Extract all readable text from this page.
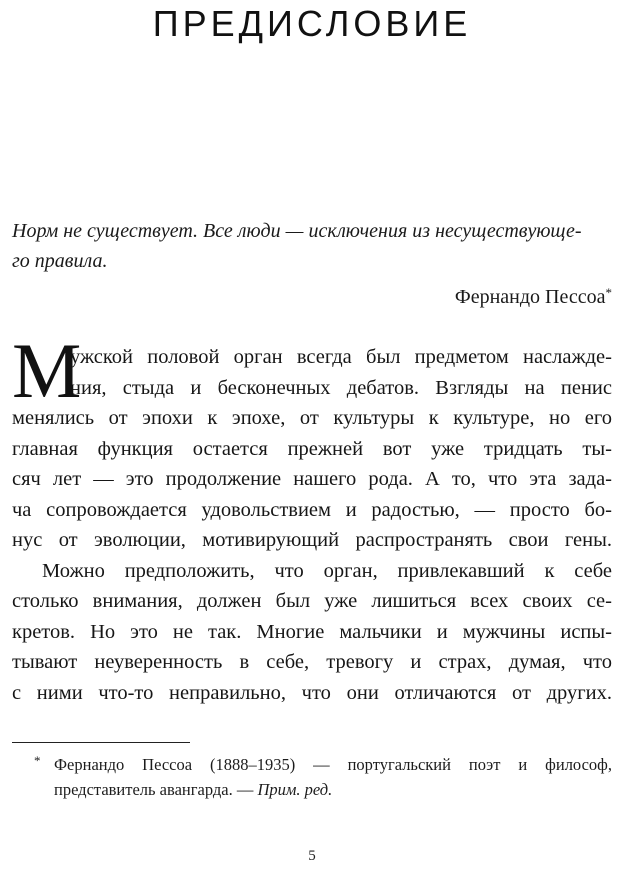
ПРЕДИСЛОВИЕ

Норм не существует. Все люди — исключения из несуществующе-
го правила.

Фернандо Пессоа*
М
ужской половой орган всегда был предметом наслажде-
ния, стыда и бесконечных дебатов. Взгляды на пенис
менялись от эпохи к эпохе, от культуры к культуре, но его
главная функция остается прежней вот уже тридцать ты-
сяч лет — это продолжение нашего рода. А то, что эта зада-
ча сопровождается удовольствием и радостью, — просто бо-
нус от эволюции, мотивирующий распространять свои гены.
Можно предположить, что орган, привлекавший к себе
столько внимания, должен был уже лишиться всех своих се-
кретов. Но это не так. Многие мальчики и мужчины испы-
тывают неуверенность в себе, тревогу и страх, думая, что
с ними что-то неправильно, что они отличаются от других.
* Фернандо Пессоа (1888–1935) — португальский поэт и философ,
представитель авангарда. — Прим. ред.
5
